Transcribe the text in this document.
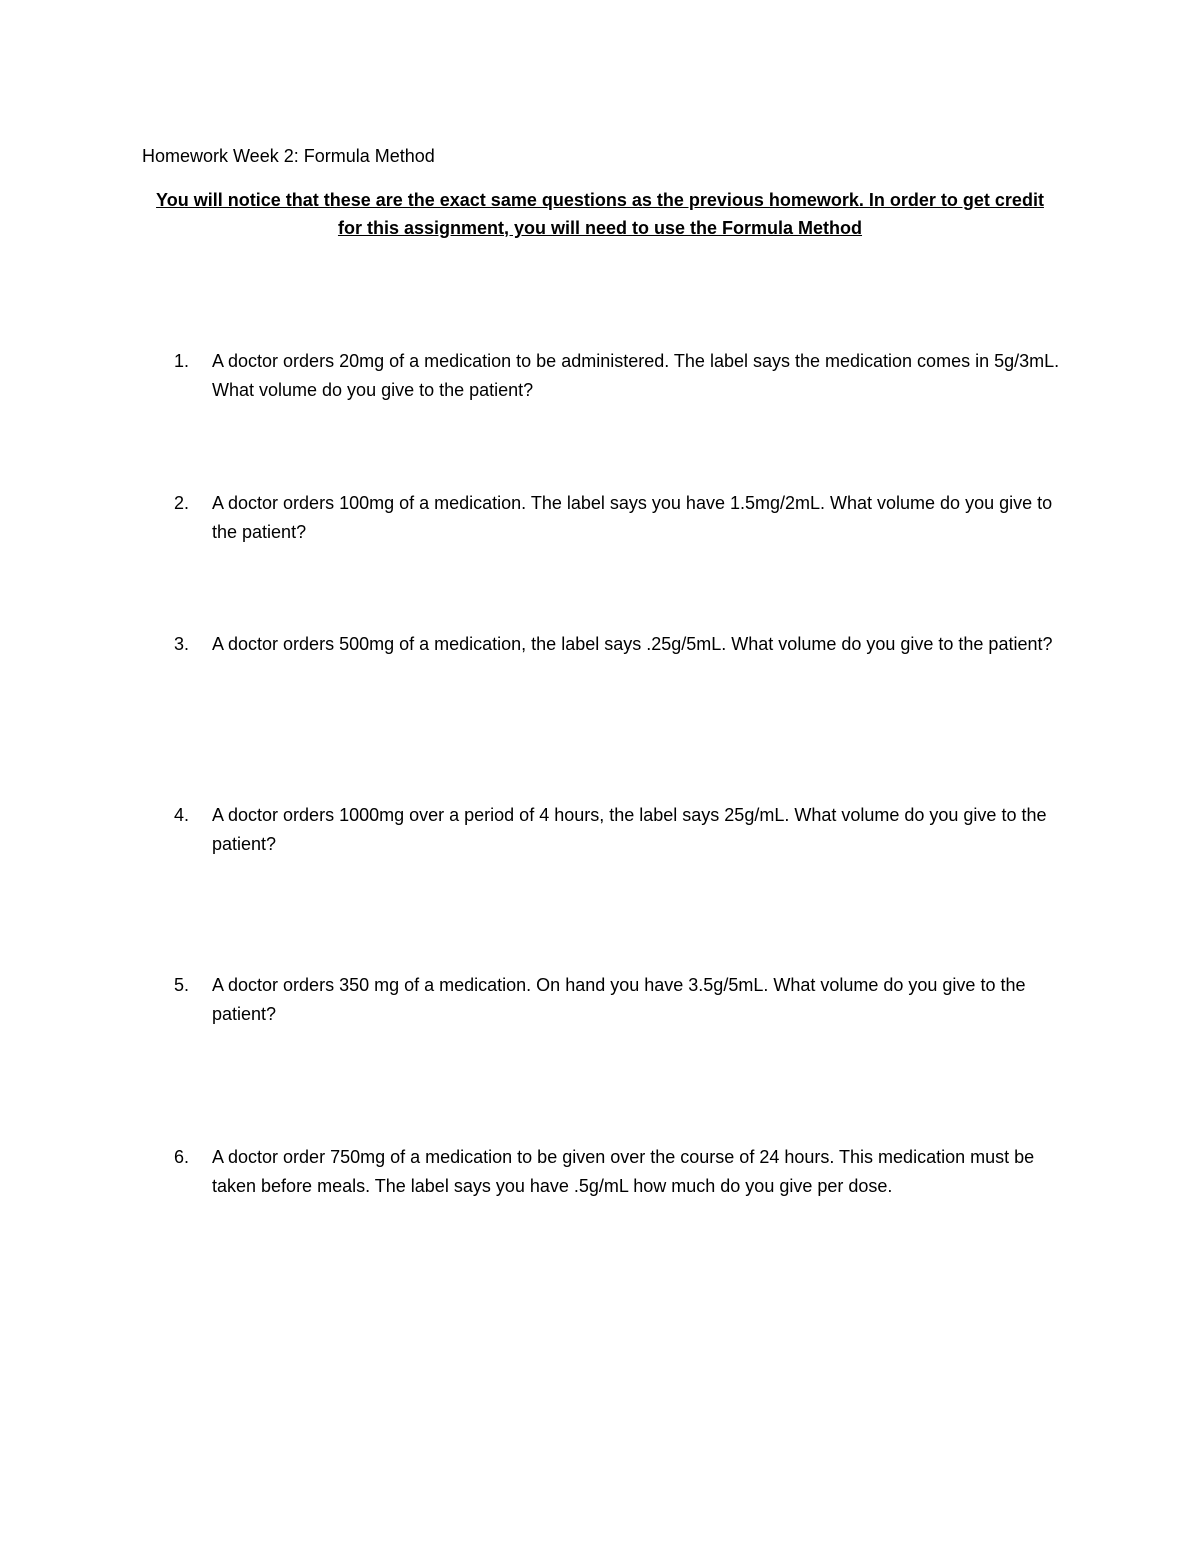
Homework Week 2: Formula Method
You will notice that these are the exact same questions as the previous homework. In order to get credit for this assignment, you will need to use the Formula Method
1.	A doctor orders 20mg of a medication to be administered. The label says the medication comes in 5g/3mL. What volume do you give to the patient?
2.	A doctor orders 100mg of a medication. The label says you have 1.5mg/2mL. What volume do you give to the patient?
3.	A doctor orders 500mg of a medication, the label says .25g/5mL. What volume do you give to the patient?
4.	A doctor orders 1000mg over a period of 4 hours, the label says 25g/mL. What volume do you give to the patient?
5.	A doctor orders 350 mg of a medication. On hand you have 3.5g/5mL. What volume do you give to the patient?
6.	A doctor order 750mg of a medication to be given over the course of 24 hours. This medication must be taken before meals. The label says you have .5g/mL how much do you give per dose.
